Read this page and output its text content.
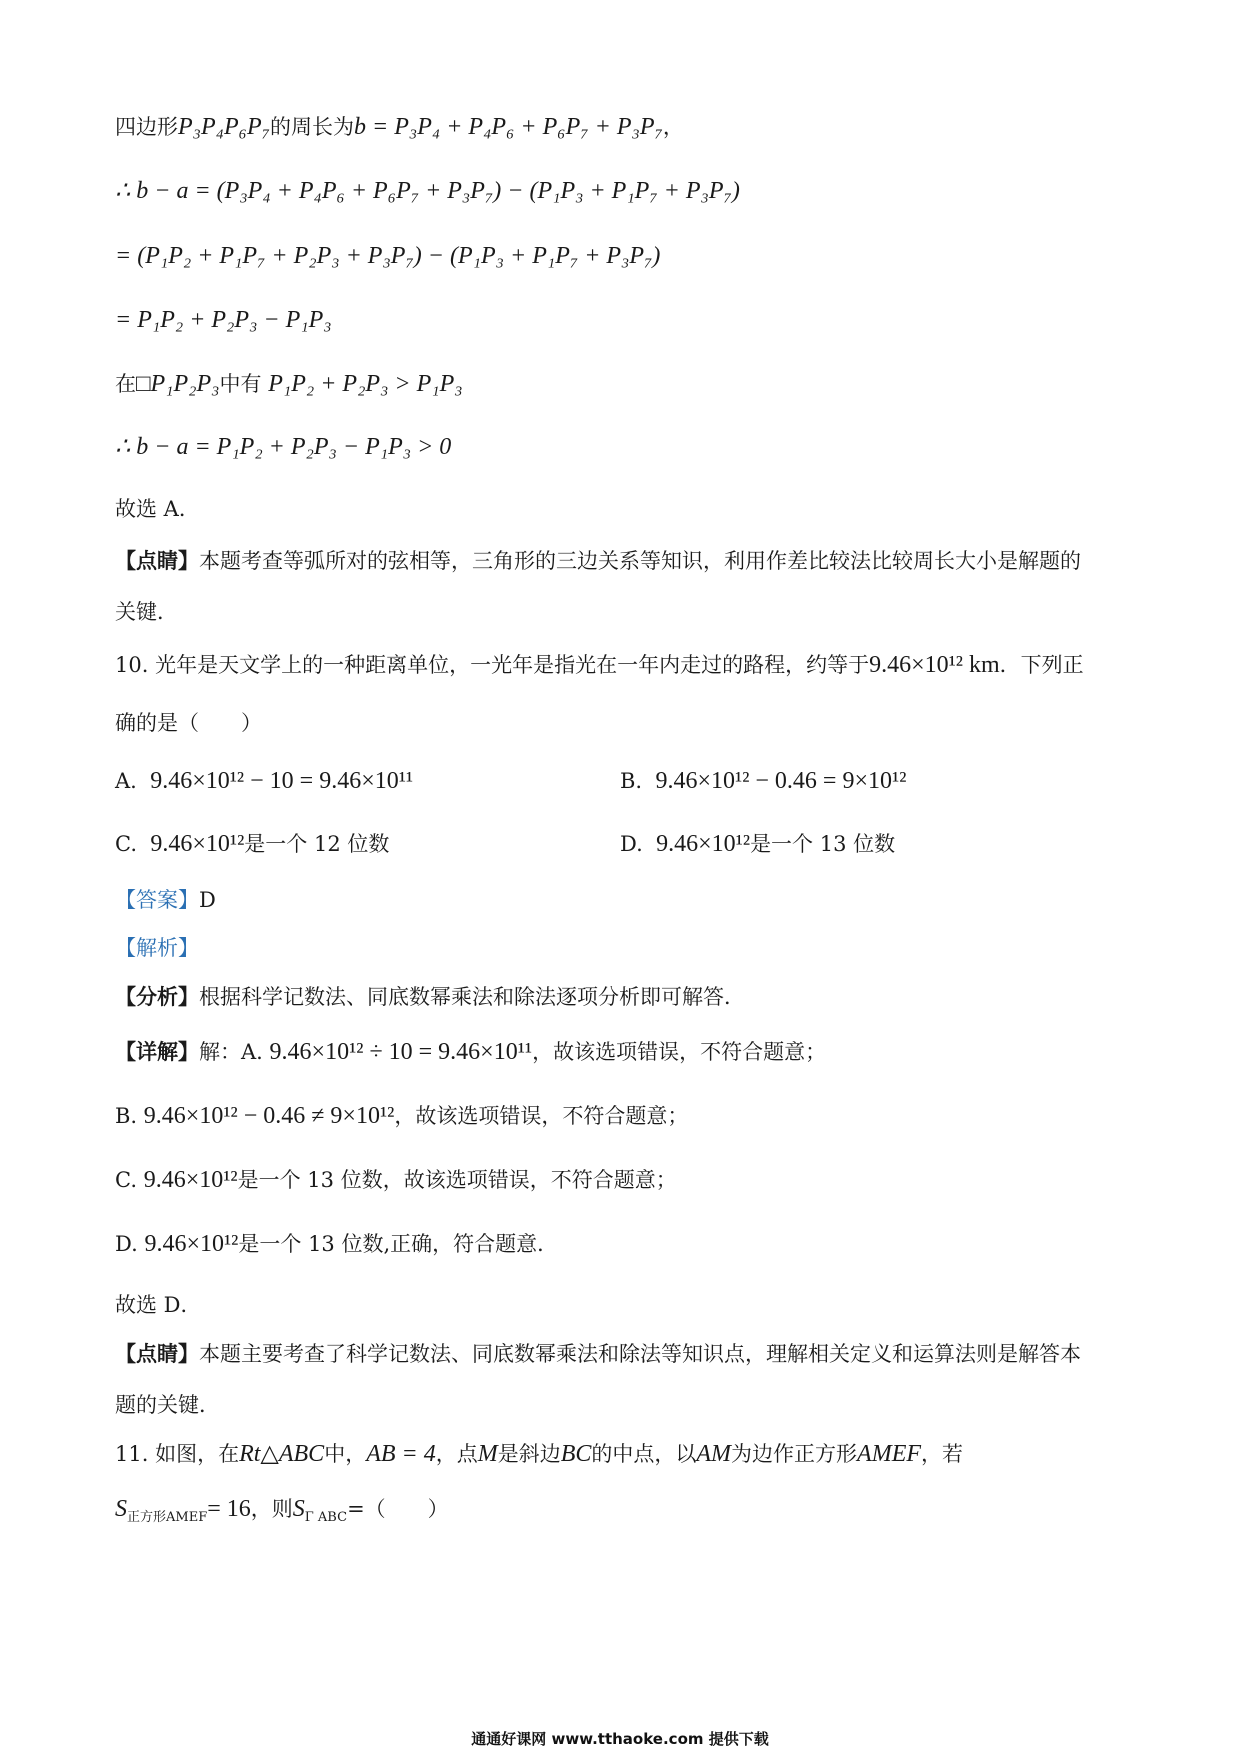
四边形P₃P₄P₆P₇的周长为b = P₃P₄ + P₄P₆ + P₆P₇ + P₃P₇，
∴ b − a = (P₃P₄ + P₄P₆ + P₆P₇ + P₃P₇) − (P₁P₃ + P₁P₇ + P₃P₇)
= (P₁P₂ + P₁P₇ + P₂P₃ + P₃P₇) − (P₁P₃ + P₁P₇ + P₃P₇)
= P₁P₂ + P₂P₃ − P₁P₃
在□P₁P₂P₃中有 P₁P₂ + P₂P₃ > P₁P₃
∴ b − a = P₁P₂ + P₂P₃ − P₁P₃ > 0
故选 A．
【点睛】本题考查等弧所对的弦相等，三角形的三边关系等知识，利用作差比较法比较周长大小是解题的
关键．
10. 光年是天文学上的一种距离单位，一光年是指光在一年内走过的路程，约等于9.46×10¹² km．下列正
确的是（　　）
A. 9.46×10¹² − 10 = 9.46×10¹¹	B. 9.46×10¹² − 0.46 = 9×10¹²
C. 9.46×10¹²是一个 12 位数	D. 9.46×10¹²是一个 13 位数
【答案】D
【解析】
【分析】根据科学记数法、同底数幂乘法和除法逐项分析即可解答．
【详解】解：A. 9.46×10¹² ÷ 10 = 9.46×10¹¹，故该选项错误，不符合题意；
B. 9.46×10¹² − 0.46 ≠ 9×10¹²，故该选项错误，不符合题意；
C. 9.46×10¹²是一个 13 位数，故该选项错误，不符合题意；
D. 9.46×10¹²是一个 13 位数,正确，符合题意．
故选 D．
【点睛】本题主要考查了科学记数法、同底数幂乘法和除法等知识点，理解相关定义和运算法则是解答本
题的关键．
11. 如图，在Rt△ABC中，AB = 4，点M是斜边BC的中点，以AM为边作正方形AMEF，若
$S_{正方形AMEF}= 16$，则$S_{\Gamma ABC}=$（　　）
通通好课网 www.tthaoke.com 提供下载
